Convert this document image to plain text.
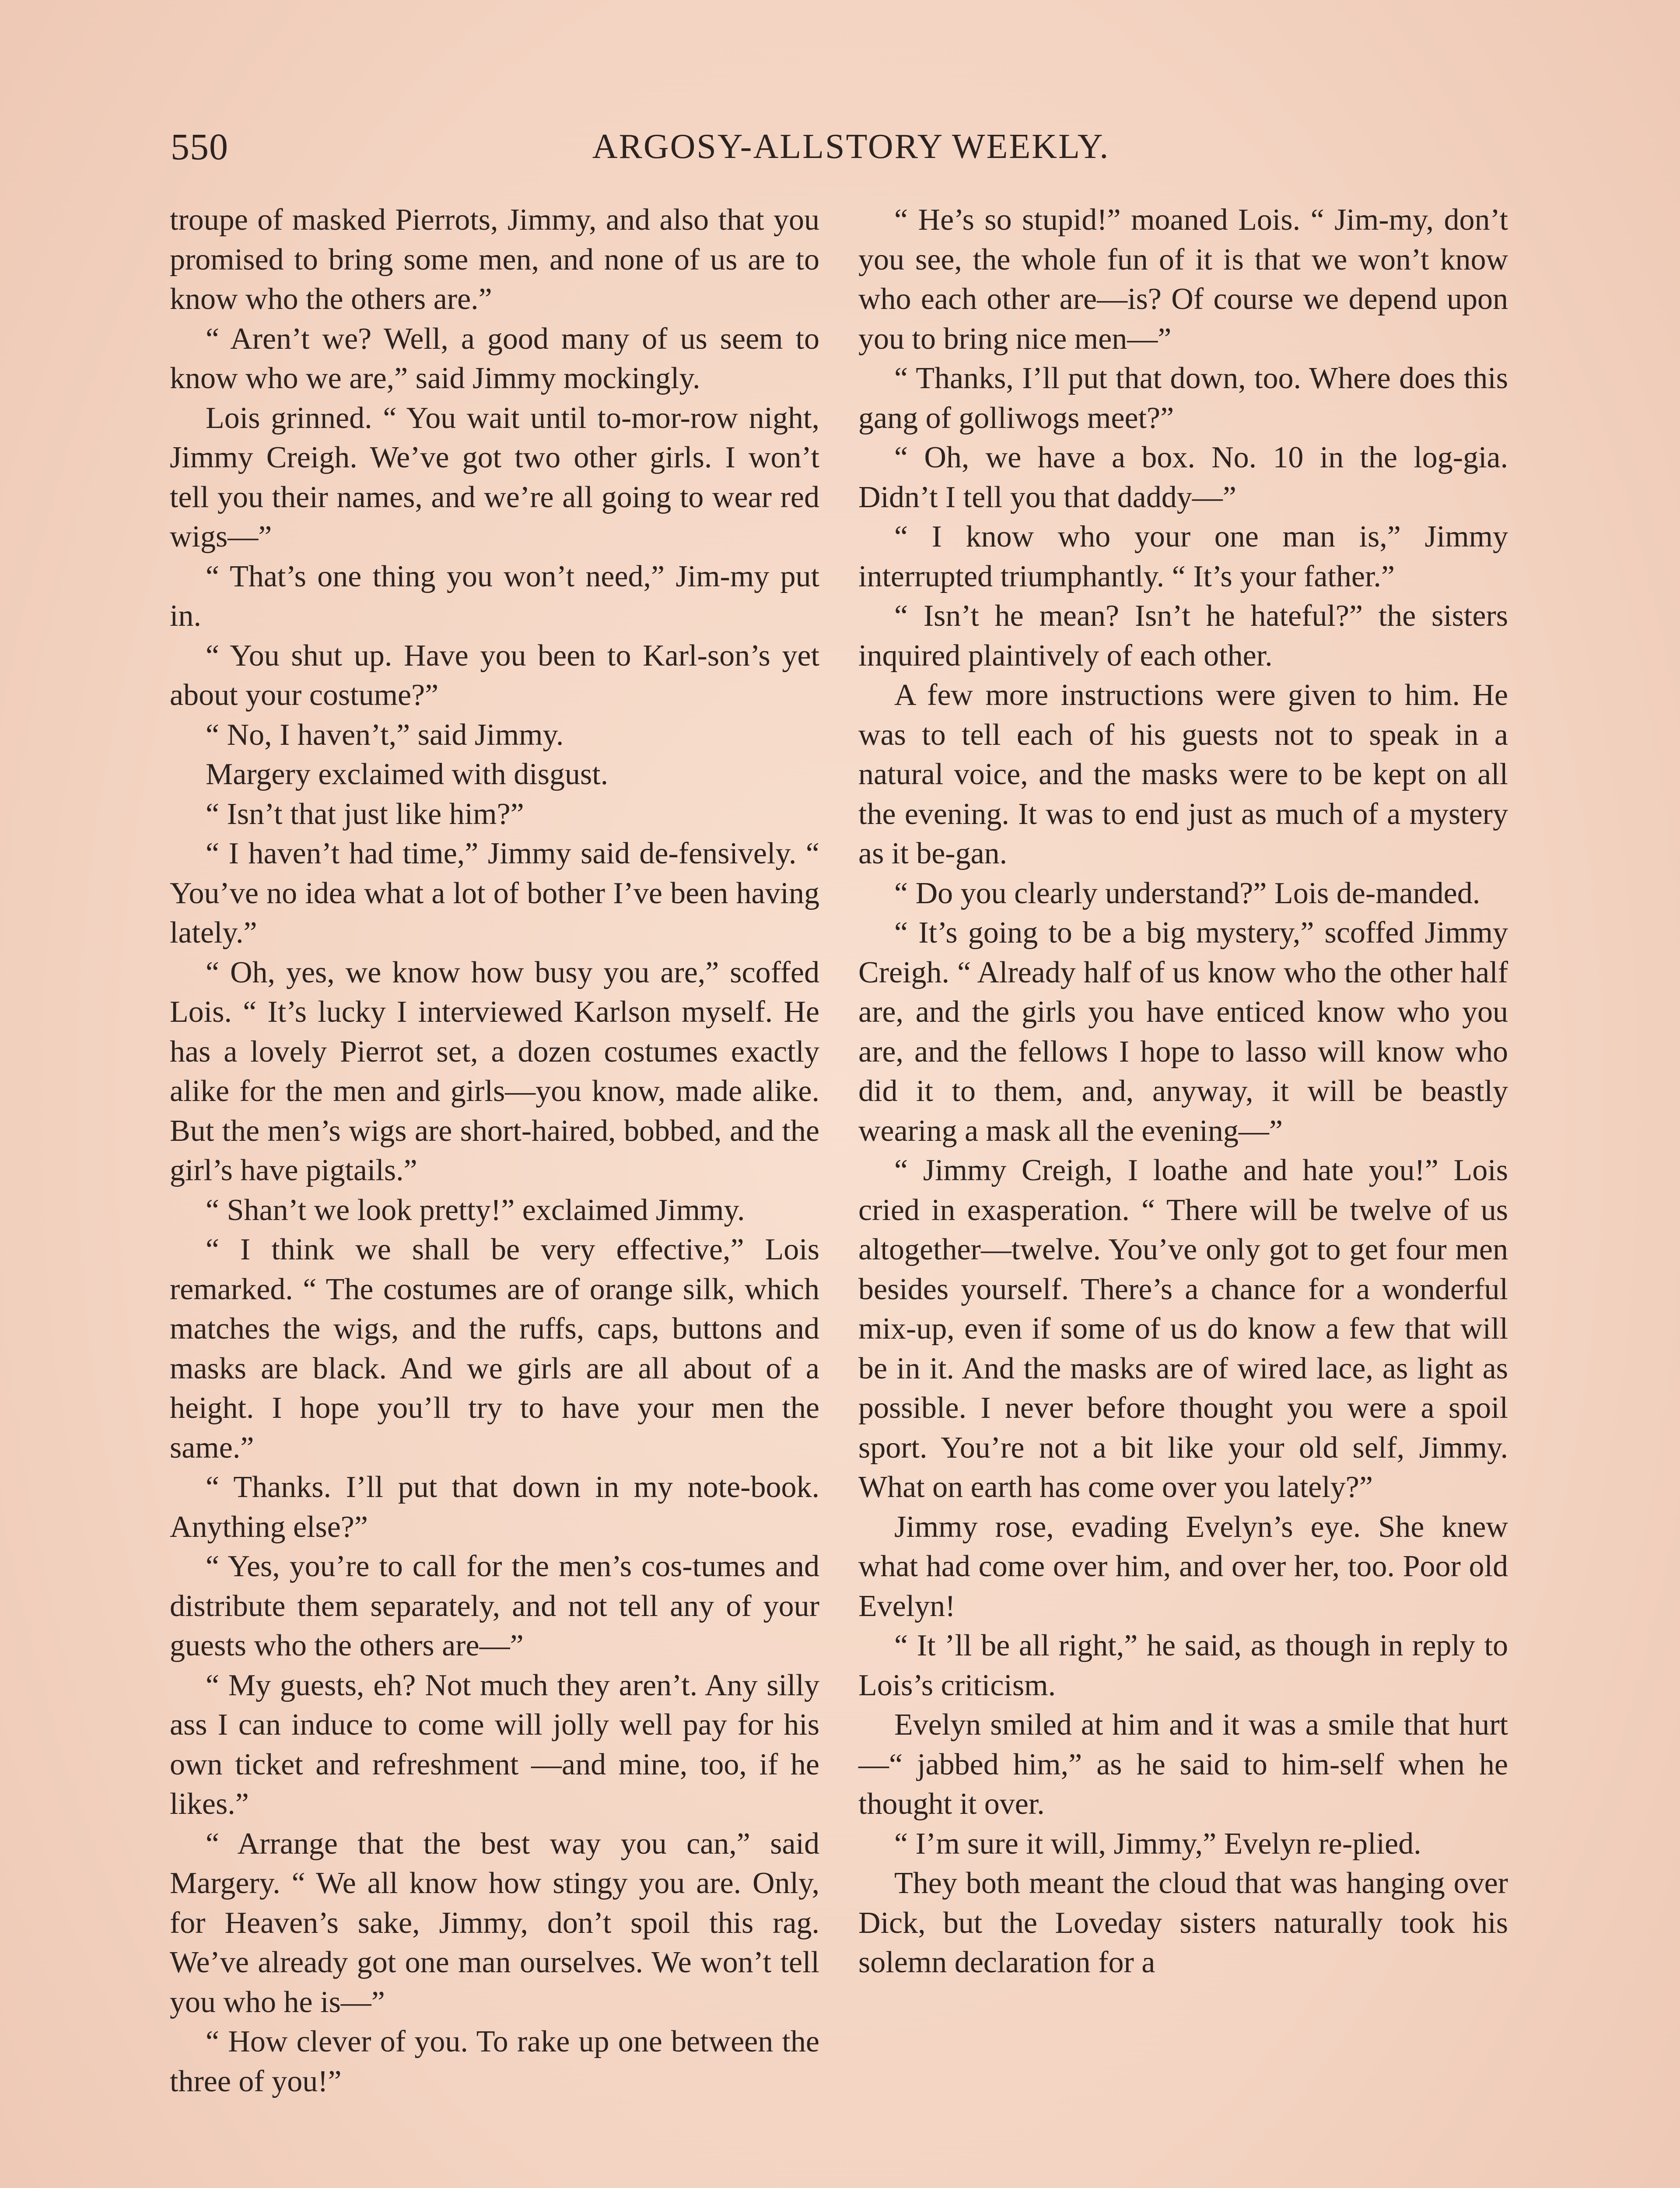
550	ARGOSY-ALLSTORY WEEKLY.

troupe of masked Pierrots, Jimmy, and also that you promised to bring some men, and none of us are to know who the others are.”

“ Aren’t we? Well, a good many of us seem to know who we are,” said Jimmy mockingly.

Lois grinned. “ You wait until to-mor-row night, Jimmy Creigh. We’ve got two other girls. I won’t tell you their names, and we’re all going to wear red wigs—”

“ That’s one thing you won’t need,” Jim-my put in.

“ You shut up. Have you been to Karl-son’s yet about your costume?”

“ No, I haven’t,” said Jimmy.

Margery exclaimed with disgust.

“ Isn’t that just like him?”

“ I haven’t had time,” Jimmy said de-fensively. “ You’ve no idea what a lot of bother I’ve been having lately.”

“ Oh, yes, we know how busy you are,” scoffed Lois. “ It’s lucky I interviewed Karlson myself. He has a lovely Pierrot set, a dozen costumes exactly alike for the men and girls—you know, made alike. But the men’s wigs are short-haired, bobbed, and the girl’s have pigtails.”

“ Shan’t we look pretty!” exclaimed Jimmy.

“ I think we shall be very effective,” Lois remarked. “ The costumes are of orange silk, which matches the wigs, and the ruffs, caps, buttons and masks are black. And we girls are all about of a height. I hope you’ll try to have your men the same.”

“ Thanks. I’ll put that down in my note-book. Anything else?”

“ Yes, you’re to call for the men’s cos-tumes and distribute them separately, and not tell any of your guests who the others are—”

“ My guests, eh? Not much they aren’t. Any silly ass I can induce to come will jolly well pay for his own ticket and refreshment —and mine, too, if he likes.”

“ Arrange that the best way you can,” said Margery. “ We all know how stingy you are. Only, for Heaven’s sake, Jimmy, don’t spoil this rag. We’ve already got one man ourselves. We won’t tell you who he is—”

“ How clever of you. To rake up one between the three of you!”

“ He’s so stupid!” moaned Lois. “ Jim-my, don’t you see, the whole fun of it is that we won’t know who each other are—is? Of course we depend upon you to bring nice men—”

“ Thanks, I’ll put that down, too. Where does this gang of golliwogs meet?”

“ Oh, we have a box. No. 10 in the log-gia. Didn’t I tell you that daddy—”

“ I know who your one man is,” Jimmy interrupted triumphantly. “ It’s your father.”

“ Isn’t he mean? Isn’t he hateful?” the sisters inquired plaintively of each other.

A few more instructions were given to him. He was to tell each of his guests not to speak in a natural voice, and the masks were to be kept on all the evening. It was to end just as much of a mystery as it be-gan.

“ Do you clearly understand?” Lois de-manded.

“ It’s going to be a big mystery,” scoffed Jimmy Creigh. “ Already half of us know who the other half are, and the girls you have enticed know who you are, and the fellows I hope to lasso will know who did it to them, and, anyway, it will be beastly wearing a mask all the evening—”

“ Jimmy Creigh, I loathe and hate you!” Lois cried in exasperation. “ There will be twelve of us altogether—twelve. You’ve only got to get four men besides yourself. There’s a chance for a wonderful mix-up, even if some of us do know a few that will be in it. And the masks are of wired lace, as light as possible. I never before thought you were a spoil sport. You’re not a bit like your old self, Jimmy. What on earth has come over you lately?”

Jimmy rose, evading Evelyn’s eye. She knew what had come over him, and over her, too. Poor old Evelyn!

“ It ’ll be all right,” he said, as though in reply to Lois’s criticism.

Evelyn smiled at him and it was a smile that hurt—“ jabbed him,” as he said to him-self when he thought it over.

“ I’m sure it will, Jimmy,” Evelyn re-plied.

They both meant the cloud that was hanging over Dick, but the Loveday sisters naturally took his solemn declaration for a
